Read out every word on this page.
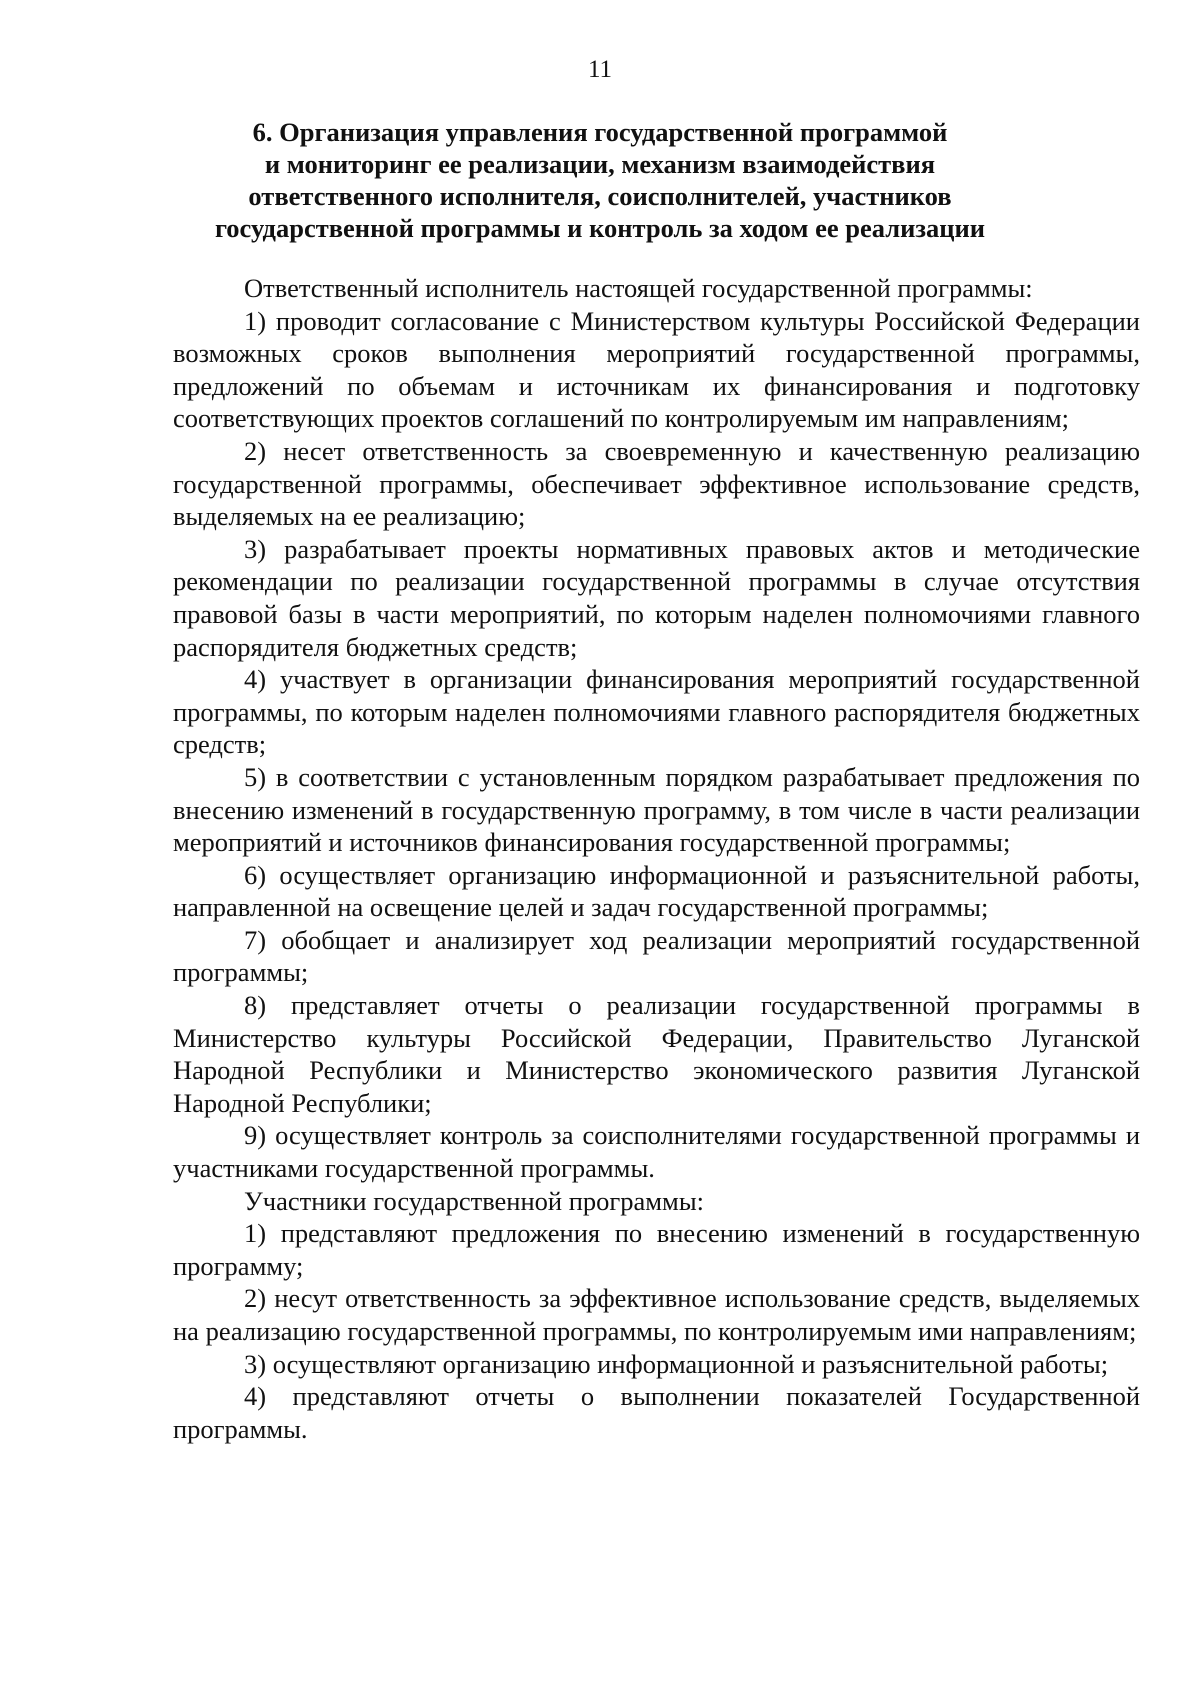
11
6. Организация управления государственной программой
и мониторинг ее реализации, механизм взаимодействия
ответственного исполнителя, соисполнителей, участников
государственной программы и контроль за ходом ее реализации

Ответственный исполнитель настоящей государственной программы:

1) проводит согласование с Министерством культуры Российской Федерации возможных сроков выполнения мероприятий государственной программы, предложений по объемам и источникам их финансирования и подготовку соответствующих проектов соглашений по контролируемым им направлениям;

2) несет ответственность за своевременную и качественную реализацию государственной программы, обеспечивает эффективное использование средств, выделяемых на ее реализацию;

3) разрабатывает проекты нормативных правовых актов и методические рекомендации по реализации государственной программы в случае отсутствия правовой базы в части мероприятий, по которым наделен полномочиями главного распорядителя бюджетных средств;

4) участвует в организации финансирования мероприятий государственной программы, по которым наделен полномочиями главного распорядителя бюджетных средств;

5) в соответствии с установленным порядком разрабатывает предложения по внесению изменений в государственную программу, в том числе в части реализации мероприятий и источников финансирования государственной программы;

6) осуществляет организацию информационной и разъяснительной работы, направленной на освещение целей и задач государственной программы;

7) обобщает и анализирует ход реализации мероприятий государственной программы;

8) представляет отчеты о реализации государственной программы в Министерство культуры Российской Федерации, Правительство Луганской Народной Республики и Министерство экономического развития Луганской Народной Республики;

9) осуществляет контроль за соисполнителями государственной программы и участниками государственной программы.

Участники государственной программы:

1) представляют предложения по внесению изменений в государственную программу;

2) несут ответственность за эффективное использование средств, выделяемых на реализацию государственной программы, по контролируемым ими направлениям;

3) осуществляют организацию информационной и разъяснительной работы;

4) представляют отчеты о выполнении показателей Государственной программы.
